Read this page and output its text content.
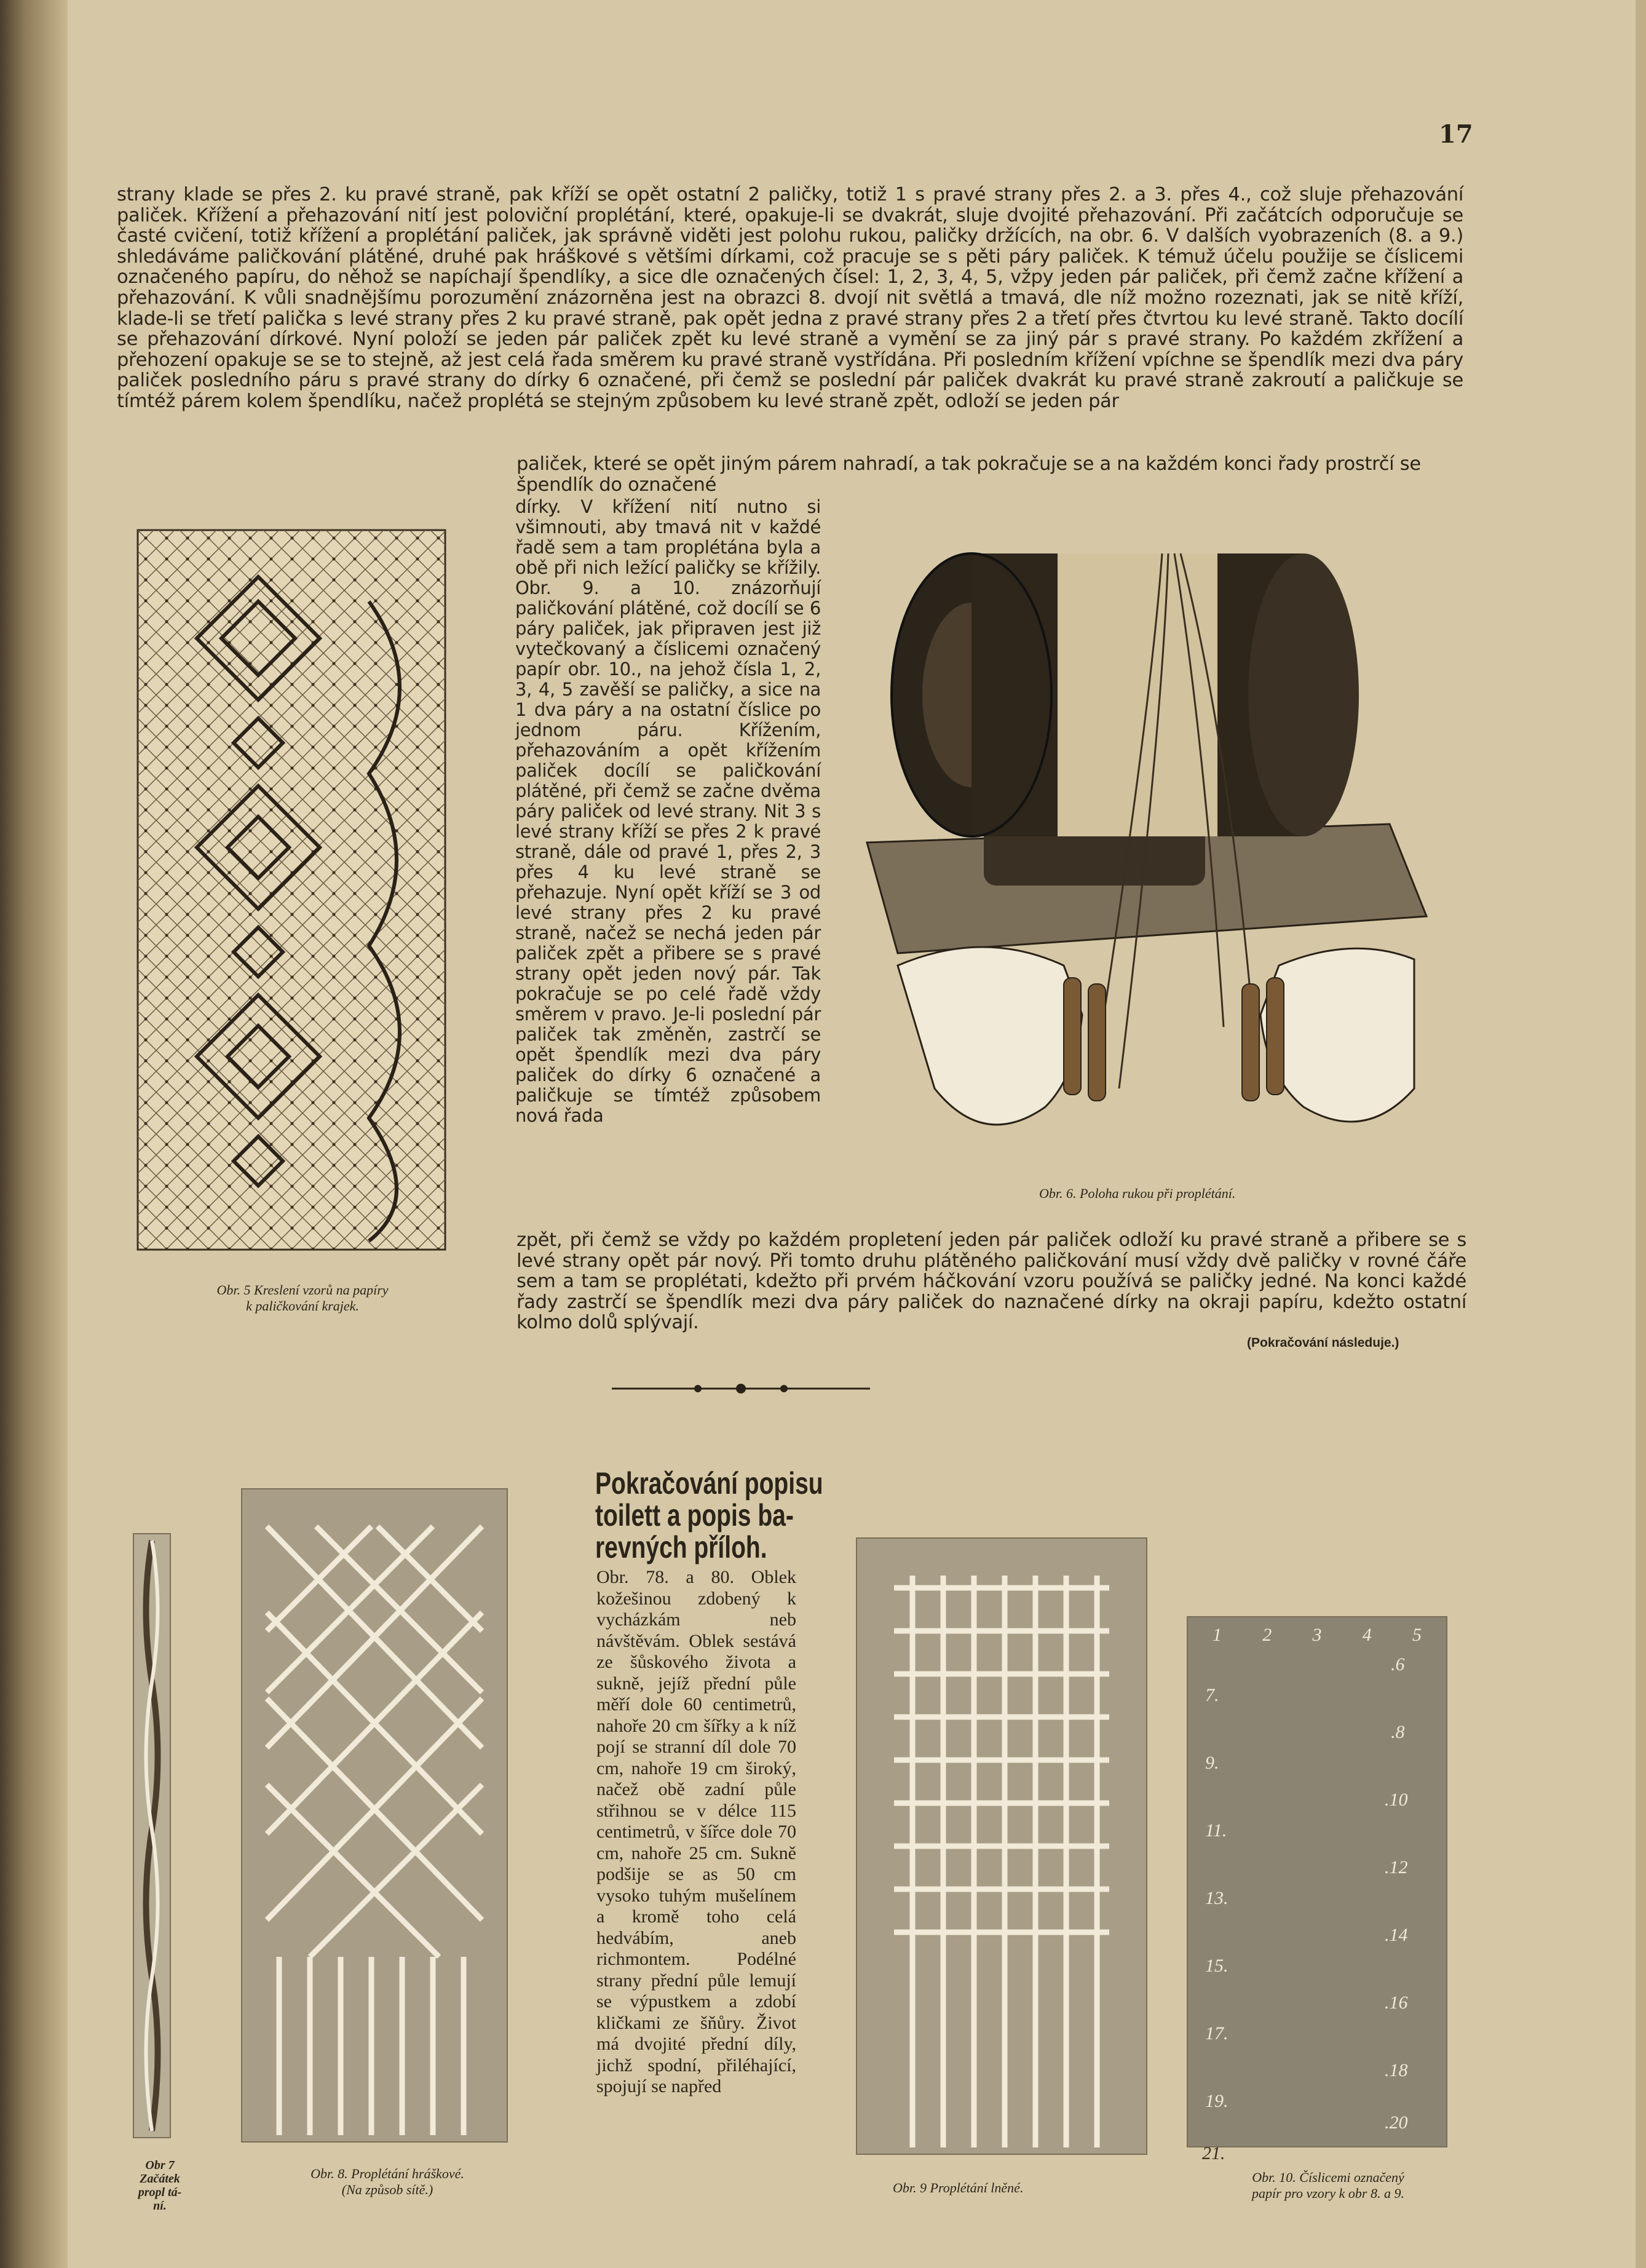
17

strany klade se přes 2. ku pravé straně, pak kříží se opět ostatní 2 paličky, totiž 1 s pravé strany přes 2. a 3. přes 4., což sluje přehazování paliček. Křížení a přehazování nití jest poloviční proplétání, které, opakuje-li se dvakrát, sluje dvojité přehazování. Při začátcích odporučuje se časté cvičení, totiž křížení a proplétání paliček, jak správně viděti jest polohu rukou, paličky držících, na obr. 6. V dalších vyobrazeních (8. a 9.) shledáváme paličkování plátěné, druhé pak hráškové s většími dírkami, což pracuje se s pěti páry paliček. K témuž účelu použije se číslicemi označeného papíru, do něhož se napíchají špendlíky, a sice dle označených čísel: 1, 2, 3, 4, 5, vžpy jeden pár paliček, při čemž začne křížení a přehazování. K vůli snadnějšímu porozumění znázorněna jest na obrazci 8. dvojí nit světlá a tmavá, dle níž možno rozeznati, jak se nitě kříží, klade-li se třetí palička s levé strany přes 2 ku pravé straně, pak opět jedna z pravé strany přes 2 a třetí přes čtvrtou ku levé straně. Takto docílí se přehazování dírkové. Nyní položí se jeden pár paliček zpět ku levé straně a vymění se za jiný pár s pravé strany. Po každém zkřížení a přehození opakuje se se to stejně, až jest celá řada směrem ku pravé straně vystřídána. Při posledním křížení vpíchne se špendlík mezi dva páry paliček posledního páru s pravé strany do dírky 6 označené, při čemž se poslední pár paliček dvakrát ku pravé straně zakroutí a paličkuje se tímtéž párem kolem špendlíku, načež proplétá se stejným způsobem ku levé straně zpět, odloží se jeden pár

paliček, které se opět jiným párem nahradí, a tak pokračuje se a na každém konci řady prostrčí se špendlík do označené

Obr. 5 Kreslení vzorů na papíry
k paličkování krajek.

dírky. V křížení nití nutno si všimnouti, aby tmavá nit v každé řadě sem a tam proplétána byla a obě při nich ležící paličky se křížily. Obr. 9. a 10. znázorňují paličkování plátěné, což docílí se 6 páry paliček, jak připraven jest již vytečkovaný a číslicemi označený papír obr. 10., na jehož čísla 1, 2, 3, 4, 5 zavěší se paličky, a sice na 1 dva páry a na ostatní číslice po jednom páru. Křížením, přehazováním a opět křížením paliček docílí se paličkování plátěné, při čemž se začne dvěma páry paliček od levé strany. Nit 3 s levé strany kříží se přes 2 k pravé straně, dále od pravé 1, přes 2, 3 přes 4 ku levé straně se přehazuje. Nyní opět kříží se 3 od levé strany přes 2 ku pravé straně, načež se nechá jeden pár paliček zpět a přibere se s pravé strany opět jeden nový pár. Tak pokračuje se po celé řadě vždy směrem v pravo. Je-li poslední pár paliček tak změněn, zastrčí se opět špendlík mezi dva páry paliček do dírky 6 označené a paličkuje se tímtéž způsobem nová řada

Obr. 6. Poloha rukou při proplétání.

zpět, při čemž se vždy po každém propletení jeden pár paliček odloží ku pravé straně a přibere se s levé strany opět pár nový. Při tomto druhu plátěného paličkování musí vždy dvě paličky v rovné čáře sem a tam se proplétati, kdežto při prvém háčkování vzoru používá se paličky jedné. Na konci každé řady zastrčí se špendlík mezi dva páry paliček do naznačené dírky na okraji papíru, kdežto ostatní kolmo dolů splývají.

(Pokračování následuje.)
Obr 7
Začátek
propl tá-
ní.
Obr. 8. Proplétání hráškové.
(Na způsob sítě.)
Pokračování popisu
toilett a popis ba-
revných příloh.

Obr. 78. a 80. Oblek kožešinou zdobený k vycházkám neb návštěvám. Oblek sestává ze šůskového života a sukně, jejíž přední půle měří dole 60 centimetrů, nahoře 20 cm šířky a k níž pojí se stranní díl dole 70 cm, nahoře 19 cm široký, načež obě zadní půle střihnou se v délce 115 centimetrů, v šířce dole 70 cm, nahoře 25 cm. Sukně podšije se as 50 cm vysoko tuhým mušelínem a kromě toho celá hedvábím, aneb richmontem. Podélné strany přední půle lemují se výpustkem a zdobí kličkami ze šňůry. Život má dvojité přední díly, jichž spodní, přiléhající, spojují se napřed

Obr. 9 Proplétání lněné.
1 2 3 4 5
7.
9.
11.
13.
15.
17.
19.
.6
.8
.10
.12
.14
.16
.18
.20
21.
Obr. 10. Číslicemi označený
papír pro vzory k obr 8. a 9.
